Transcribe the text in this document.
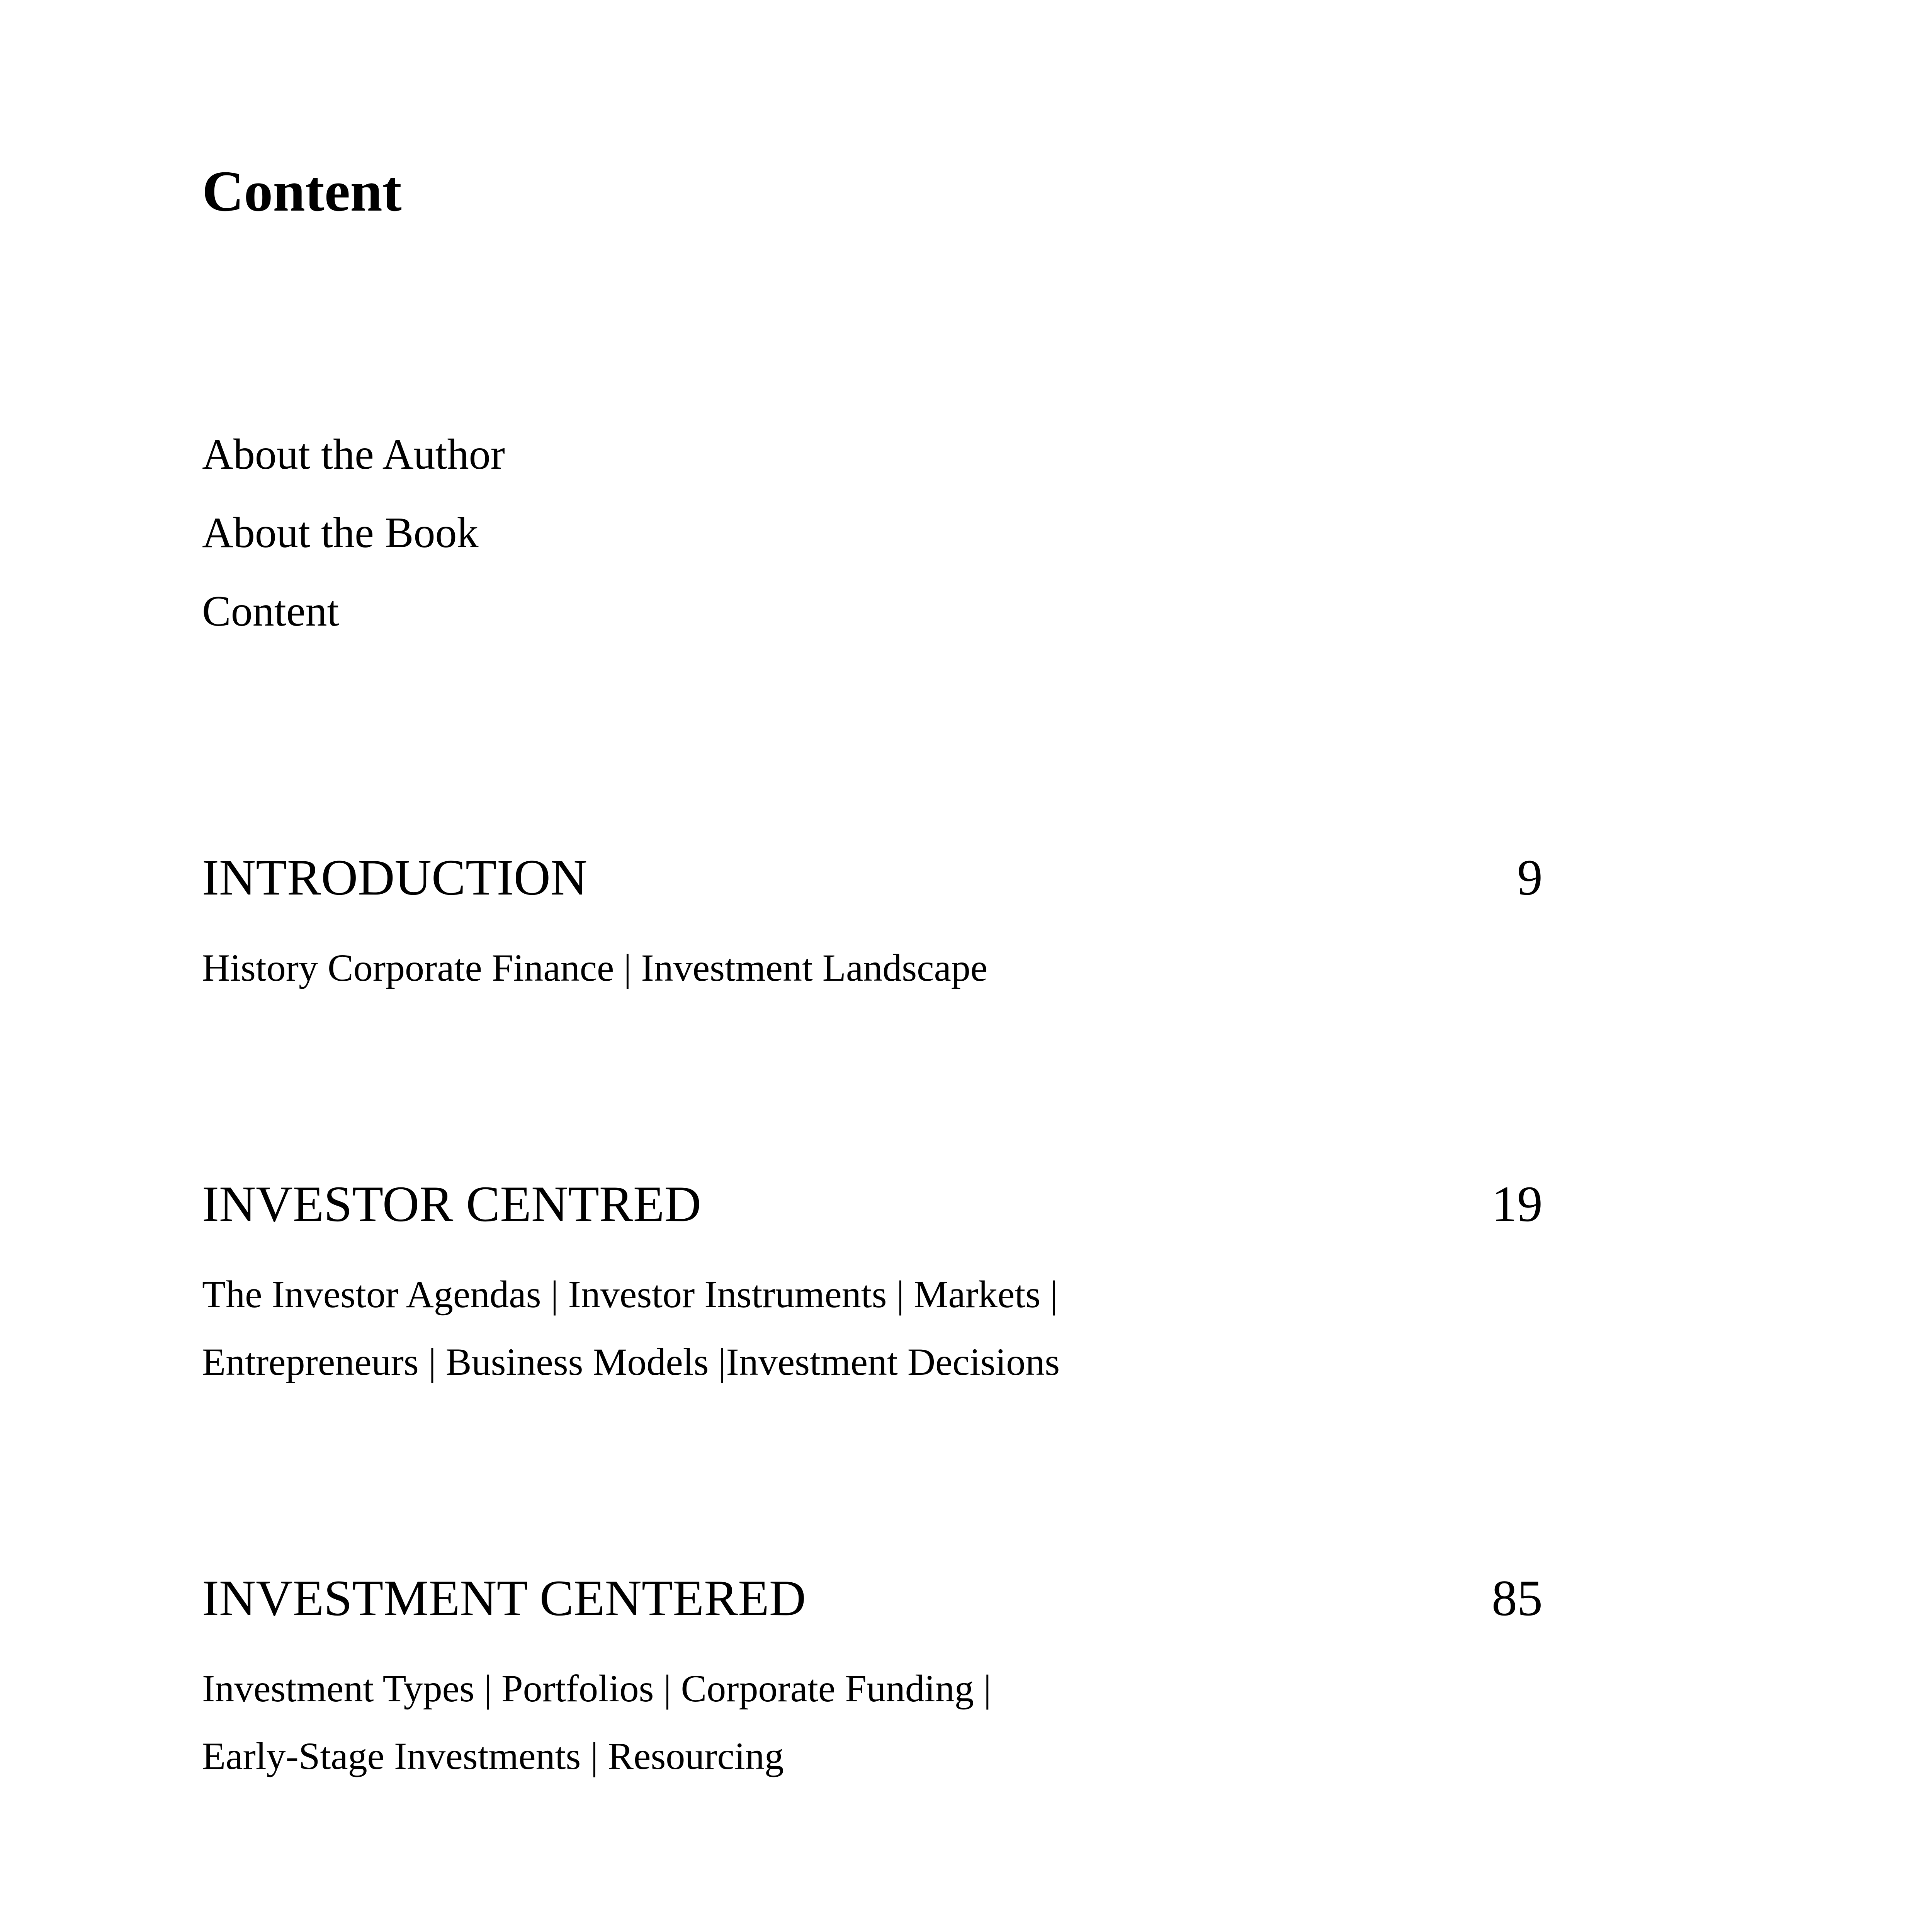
Content
About the Author
About the Book
Content
INTRODUCTION	9
History Corporate Finance | Investment Landscape
INVESTOR CENTRED	19
The Investor Agendas | Investor Instruments | Markets |
Entrepreneurs | Business Models |Investment Decisions
INVESTMENT CENTERED	85
Investment Types | Portfolios | Corporate Funding |
Early-Stage Investments | Resourcing
